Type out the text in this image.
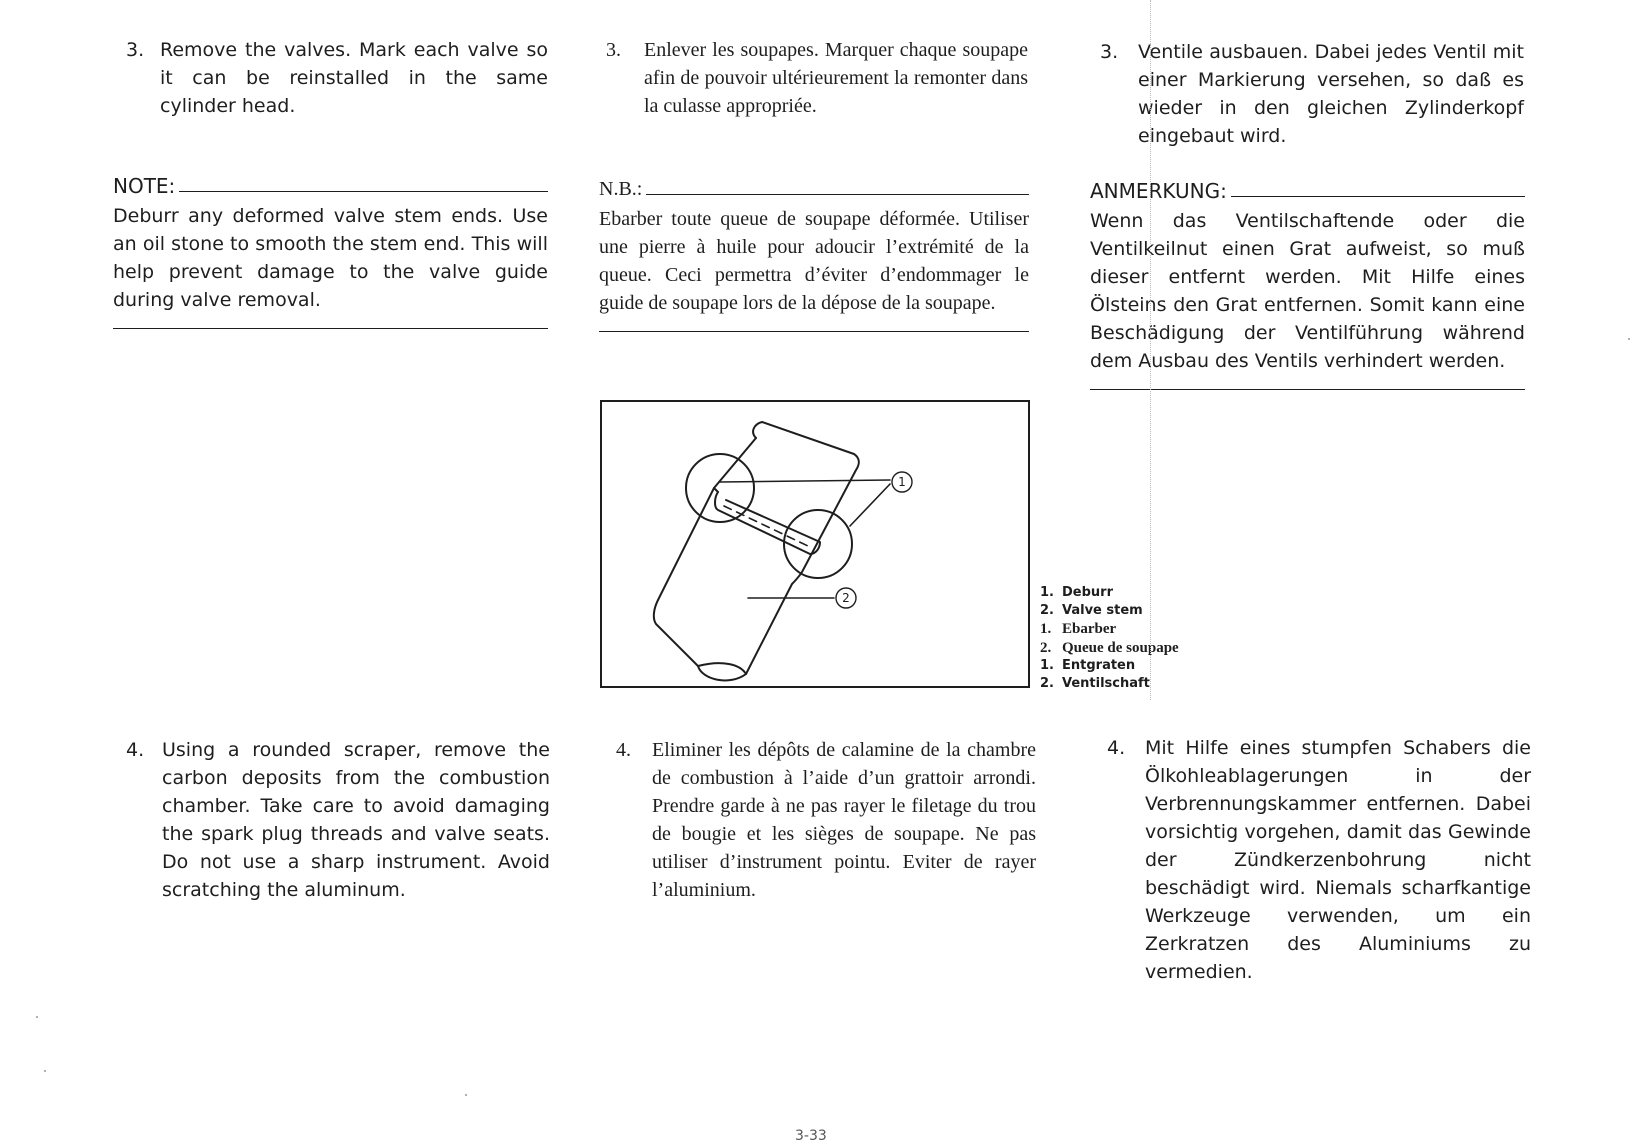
3. Remove the valves. Mark each valve so it can be reinstalled in the same cylinder head.
NOTE:
Deburr any deformed valve stem ends. Use an oil stone to smooth the stem end. This will help prevent damage to the valve guide during valve removal.
4. Using a rounded scraper, remove the carbon deposits from the combustion chamber. Take care to avoid damaging the spark plug threads and valve seats. Do not use a sharp instrument. Avoid scratching the aluminum.
3.	Enlever les soupapes. Marquer chaque soupape afin de pouvoir ultérieurement la remonter dans la culasse appropriée.
N.B.:
Ebarber toute queue de soupape déformée. Utiliser une pierre à huile pour adoucir l’extrémité de la queue. Ceci permettra d’éviter d’endommager le guide de soupape lors de la dépose de la soupape.
4.	Eliminer les dépôts de calamine de la chambre de combustion à l’aide d’un grattoir arrondi. Prendre garde à ne pas rayer le filetage du trou de bougie et les sièges de soupape. Ne pas utiliser d’instrument pointu. Eviter de rayer l’aluminium.
3.	Ventile ausbauen. Dabei jedes Ventil mit einer Markierung versehen, so daß es wieder in den gleichen Zylinderkopf eingebaut wird.
ANMERKUNG:
Wenn das Ventilschaftende oder die Ventilkeilnut einen Grat aufweist, so muß dieser entfernt werden. Mit Hilfe eines Ölsteins den Grat entfernen. Somit kann eine Beschädigung der Ventilführung während dem Ausbau des Ventils verhindert werden.
4.	Mit Hilfe eines stumpfen Schabers die Ölkohleablagerungen in der Verbrennungskammer entfernen. Dabei vorsichtig vorgehen, damit das Gewinde der Zündkerzenbohrung nicht beschädigt wird. Niemals scharfkantige Werkzeuge verwenden, um ein Zerkratzen des Aluminiums zu vermedien.
1
2	1. Deburr
2. Valve stem
1. Ebarber
2. Queue de soupape
1. Entgraten
2. Ventilschaft
3-33
